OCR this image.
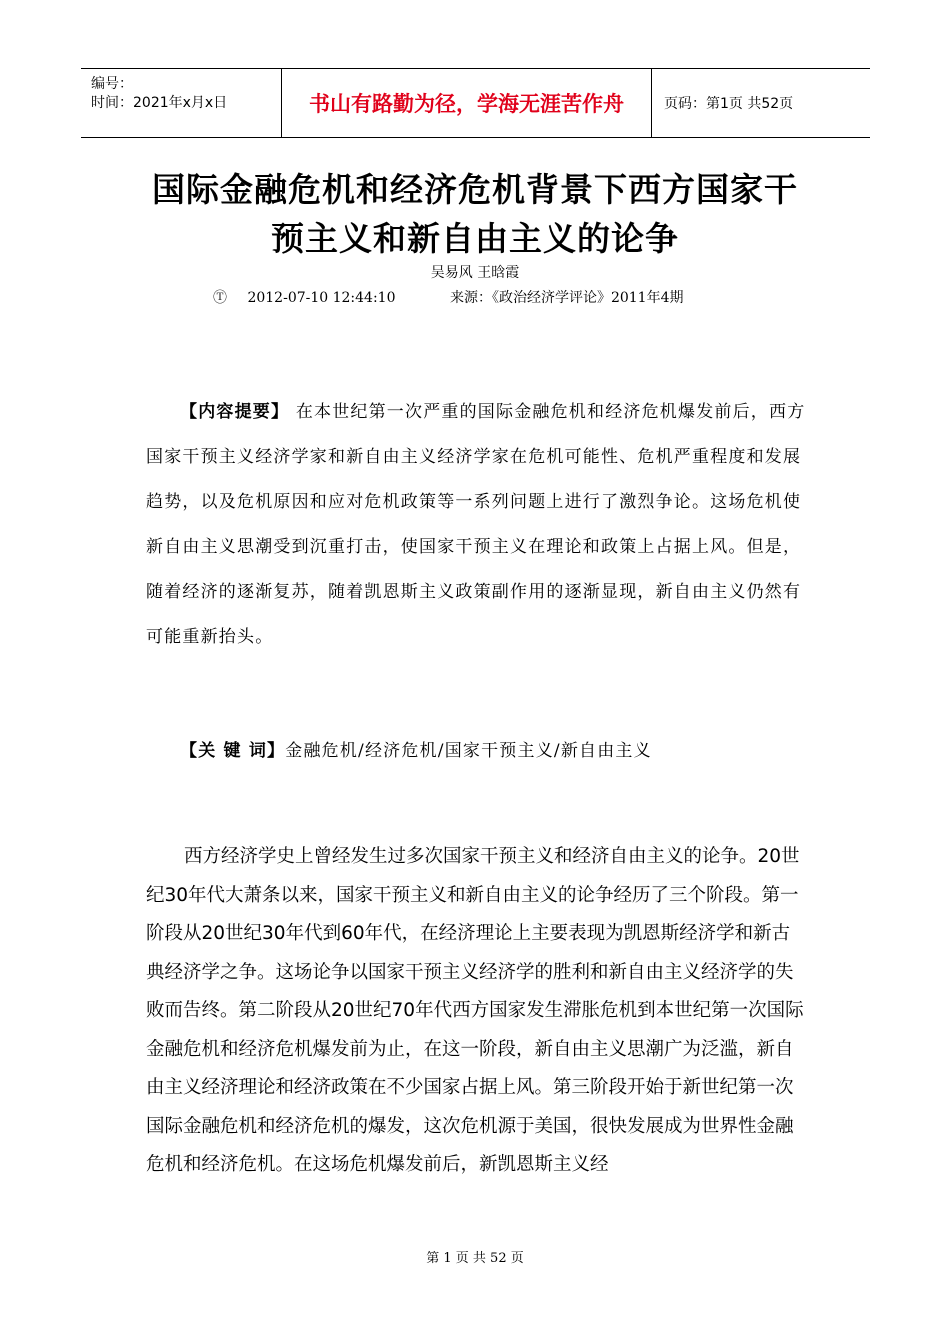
编号：
时间：2021年x月x日	书山有路勤为径，学海无涯苦作舟	页码：第1页 共52页
国际金融危机和经济危机背景下西方国家干
预主义和新自由主义的论争
吴易风 王晗霞
Ⓣ 2012-07-10 12:44:10	来源：《政治经济学评论》2011年4期
【内容提要】 在本世纪第一次严重的国际金融危机和经济危机爆发前后，西方国家干预主义经济学家和新自由主义经济学家在危机可能性、危机严重程度和发展趋势，以及危机原因和应对危机政策等一系列问题上进行了激烈争论。这场危机使新自由主义思潮受到沉重打击，使国家干预主义在理论和政策上占据上风。但是，随着经济的逐渐复苏，随着凯恩斯主义政策副作用的逐渐显现，新自由主义仍然有可能重新抬头。
【关 键 词】金融危机/经济危机/国家干预主义/新自由主义
西方经济学史上曾经发生过多次国家干预主义和经济自由主义的论争。20世纪30年代大萧条以来，国家干预主义和新自由主义的论争经历了三个阶段。第一阶段从20世纪30年代到60年代，在经济理论上主要表现为凯恩斯经济学和新古典经济学之争。这场论争以国家干预主义经济学的胜利和新自由主义经济学的失败而告终。第二阶段从20世纪70年代西方国家发生滞胀危机到本世纪第一次国际金融危机和经济危机爆发前为止，在这一阶段，新自由主义思潮广为泛滥，新自由主义经济理论和经济政策在不少国家占据上风。第三阶段开始于新世纪第一次国际金融危机和经济危机的爆发，这次危机源于美国，很快发展成为世界性金融危机和经济危机。在这场危机爆发前后，新凯恩斯主义经
第 1 页 共 52 页
